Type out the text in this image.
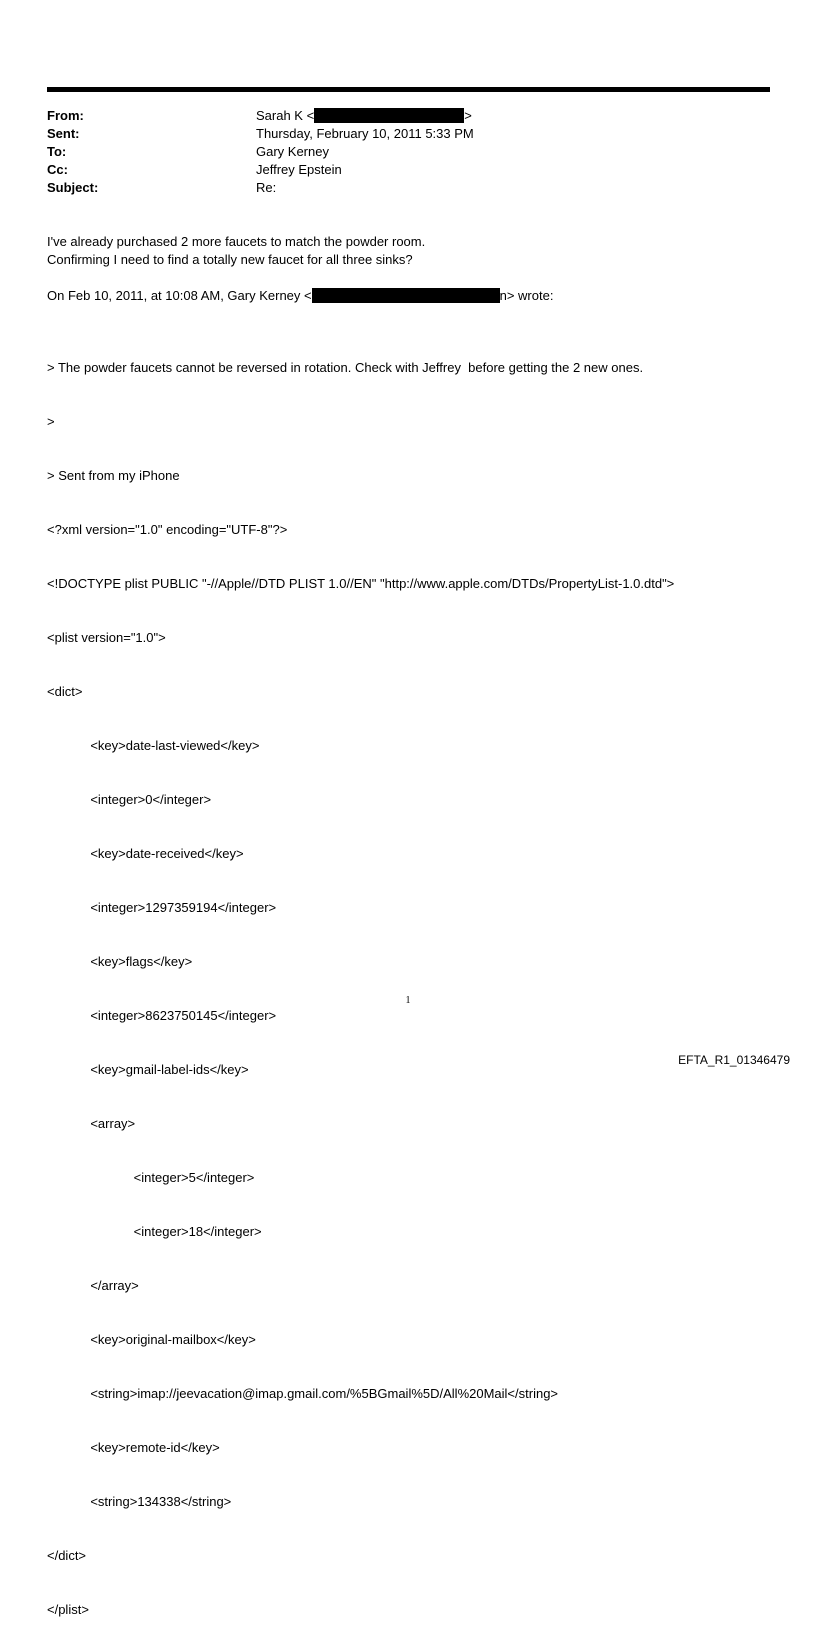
From:	Sarah K <	>
Sent:	Thursday, February 10, 2011 5:33 PM
To:	Gary Kerney
Cc:	Jeffrey Epstein
Subject:	Re:
I've already purchased 2 more faucets to match the powder room.
Confirming I need to find a totally new faucet for all three sinks?
On Feb 10, 2011, at 10:08 AM, Gary Kerney <	n> wrote:

> The powder faucets cannot be reversed in rotation. Check with Jeffrey  before getting the 2 new ones.

>

> Sent from my iPhone

<?xml version="1.0" encoding="UTF-8"?>

<!DOCTYPE plist PUBLIC "-//Apple//DTD PLIST 1.0//EN" "http://www.apple.com/DTDs/PropertyList-1.0.dtd">

<plist version="1.0">

<dict>

<key>date-last-viewed</key>

<integer>0</integer>

<key>date-received</key>

<integer>1297359194</integer>

<key>flags</key>

<integer>8623750145</integer>

<key>gmail-label-ids</key>

<array>

<integer>5</integer>

<integer>18</integer>

</array>

<key>original-mailbox</key>

<string>imap://jeevacation@imap.gmail.com/%5BGmail%5D/All%20Mail</string>

<key>remote-id</key>

<string>134338</string>

</dict>

</plist>

1
EFTA_R1_01346479
